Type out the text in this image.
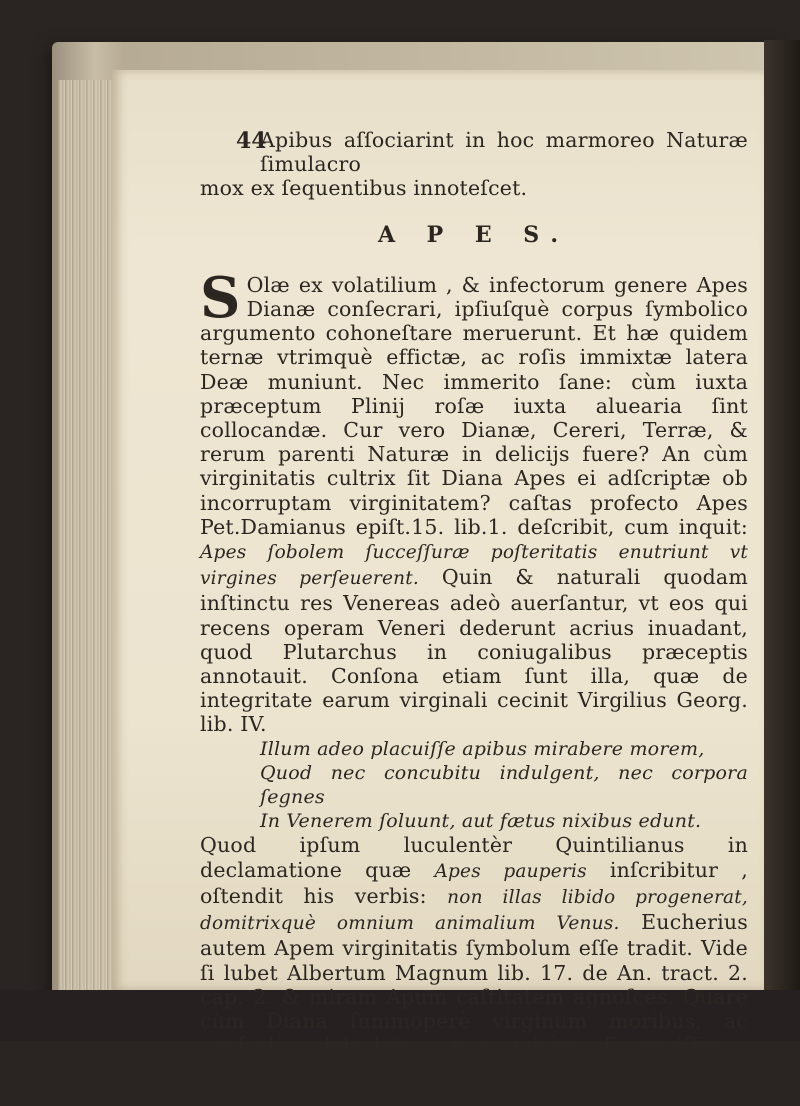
44

Apibus aſſociarint in hoc marmoreo Naturæ ſimulacro

mox ex ſequentibus innoteſcet.

A P E S.

S Olæ ex volatilium , & infectorum genere Apes Dianæ conſecrari, ipſiuſquè corpus ſymbolico argumento cohoneſtare meruerunt. Et hæ quidem ternæ vtrimquè effictæ, ac roſis immixtæ latera Deæ muniunt. Nec immerito ſane: cùm iuxta præceptum Plinij roſæ iuxta aluearia ſint collocandæ. Cur vero Dianæ, Cereri, Terræ, & rerum parenti Naturæ in delicijs fuere? An cùm virginitatis cultrix ſit Diana Apes ei adſcriptæ ob incorruptam virginitatem? caſtas profecto Apes Pet.Damianus epiſt.15. lib.1. deſcribit, cum inquit: Apes ſobolem ſucceſſuræ poſteritatis enutriunt vt virgines perſeuerent. Quin & naturali quodam inſtinctu res Venereas adeò auerſantur, vt eos qui recens operam Veneri dederunt acrius inuadant, quod Plutarchus in coniugalibus præceptis annotauit. Conſona etiam ſunt illa, quæ de integritate earum virginali cecinit Virgilius Georg. lib. IV.

Illum adeo placuiſſe apibus mirabere morem,
Quod nec concubitu indulgent, nec corpora ſegnes
In Venerem ſoluunt, aut fætus nixibus edunt.

Quod ipſum luculentèr Quintilianus in declamatione quæ Apes pauperis inſcribitur , oſtendit his verbis: non illas libido progenerat, domitrixquè omnium animalium Venus. Eucherius autem Apem virginitatis ſymbolum eſſe tradit. Vide ſi lubet Albertum Magnum lib. 17. de An. tract. 2. cap. 2. & miram Apum caſtitatem agnoſces. Quare cùm Diana ſummoperè virginum moribus, ac conſortio delectetur, non mirùm ſi puriſſimas Apicu-

las
